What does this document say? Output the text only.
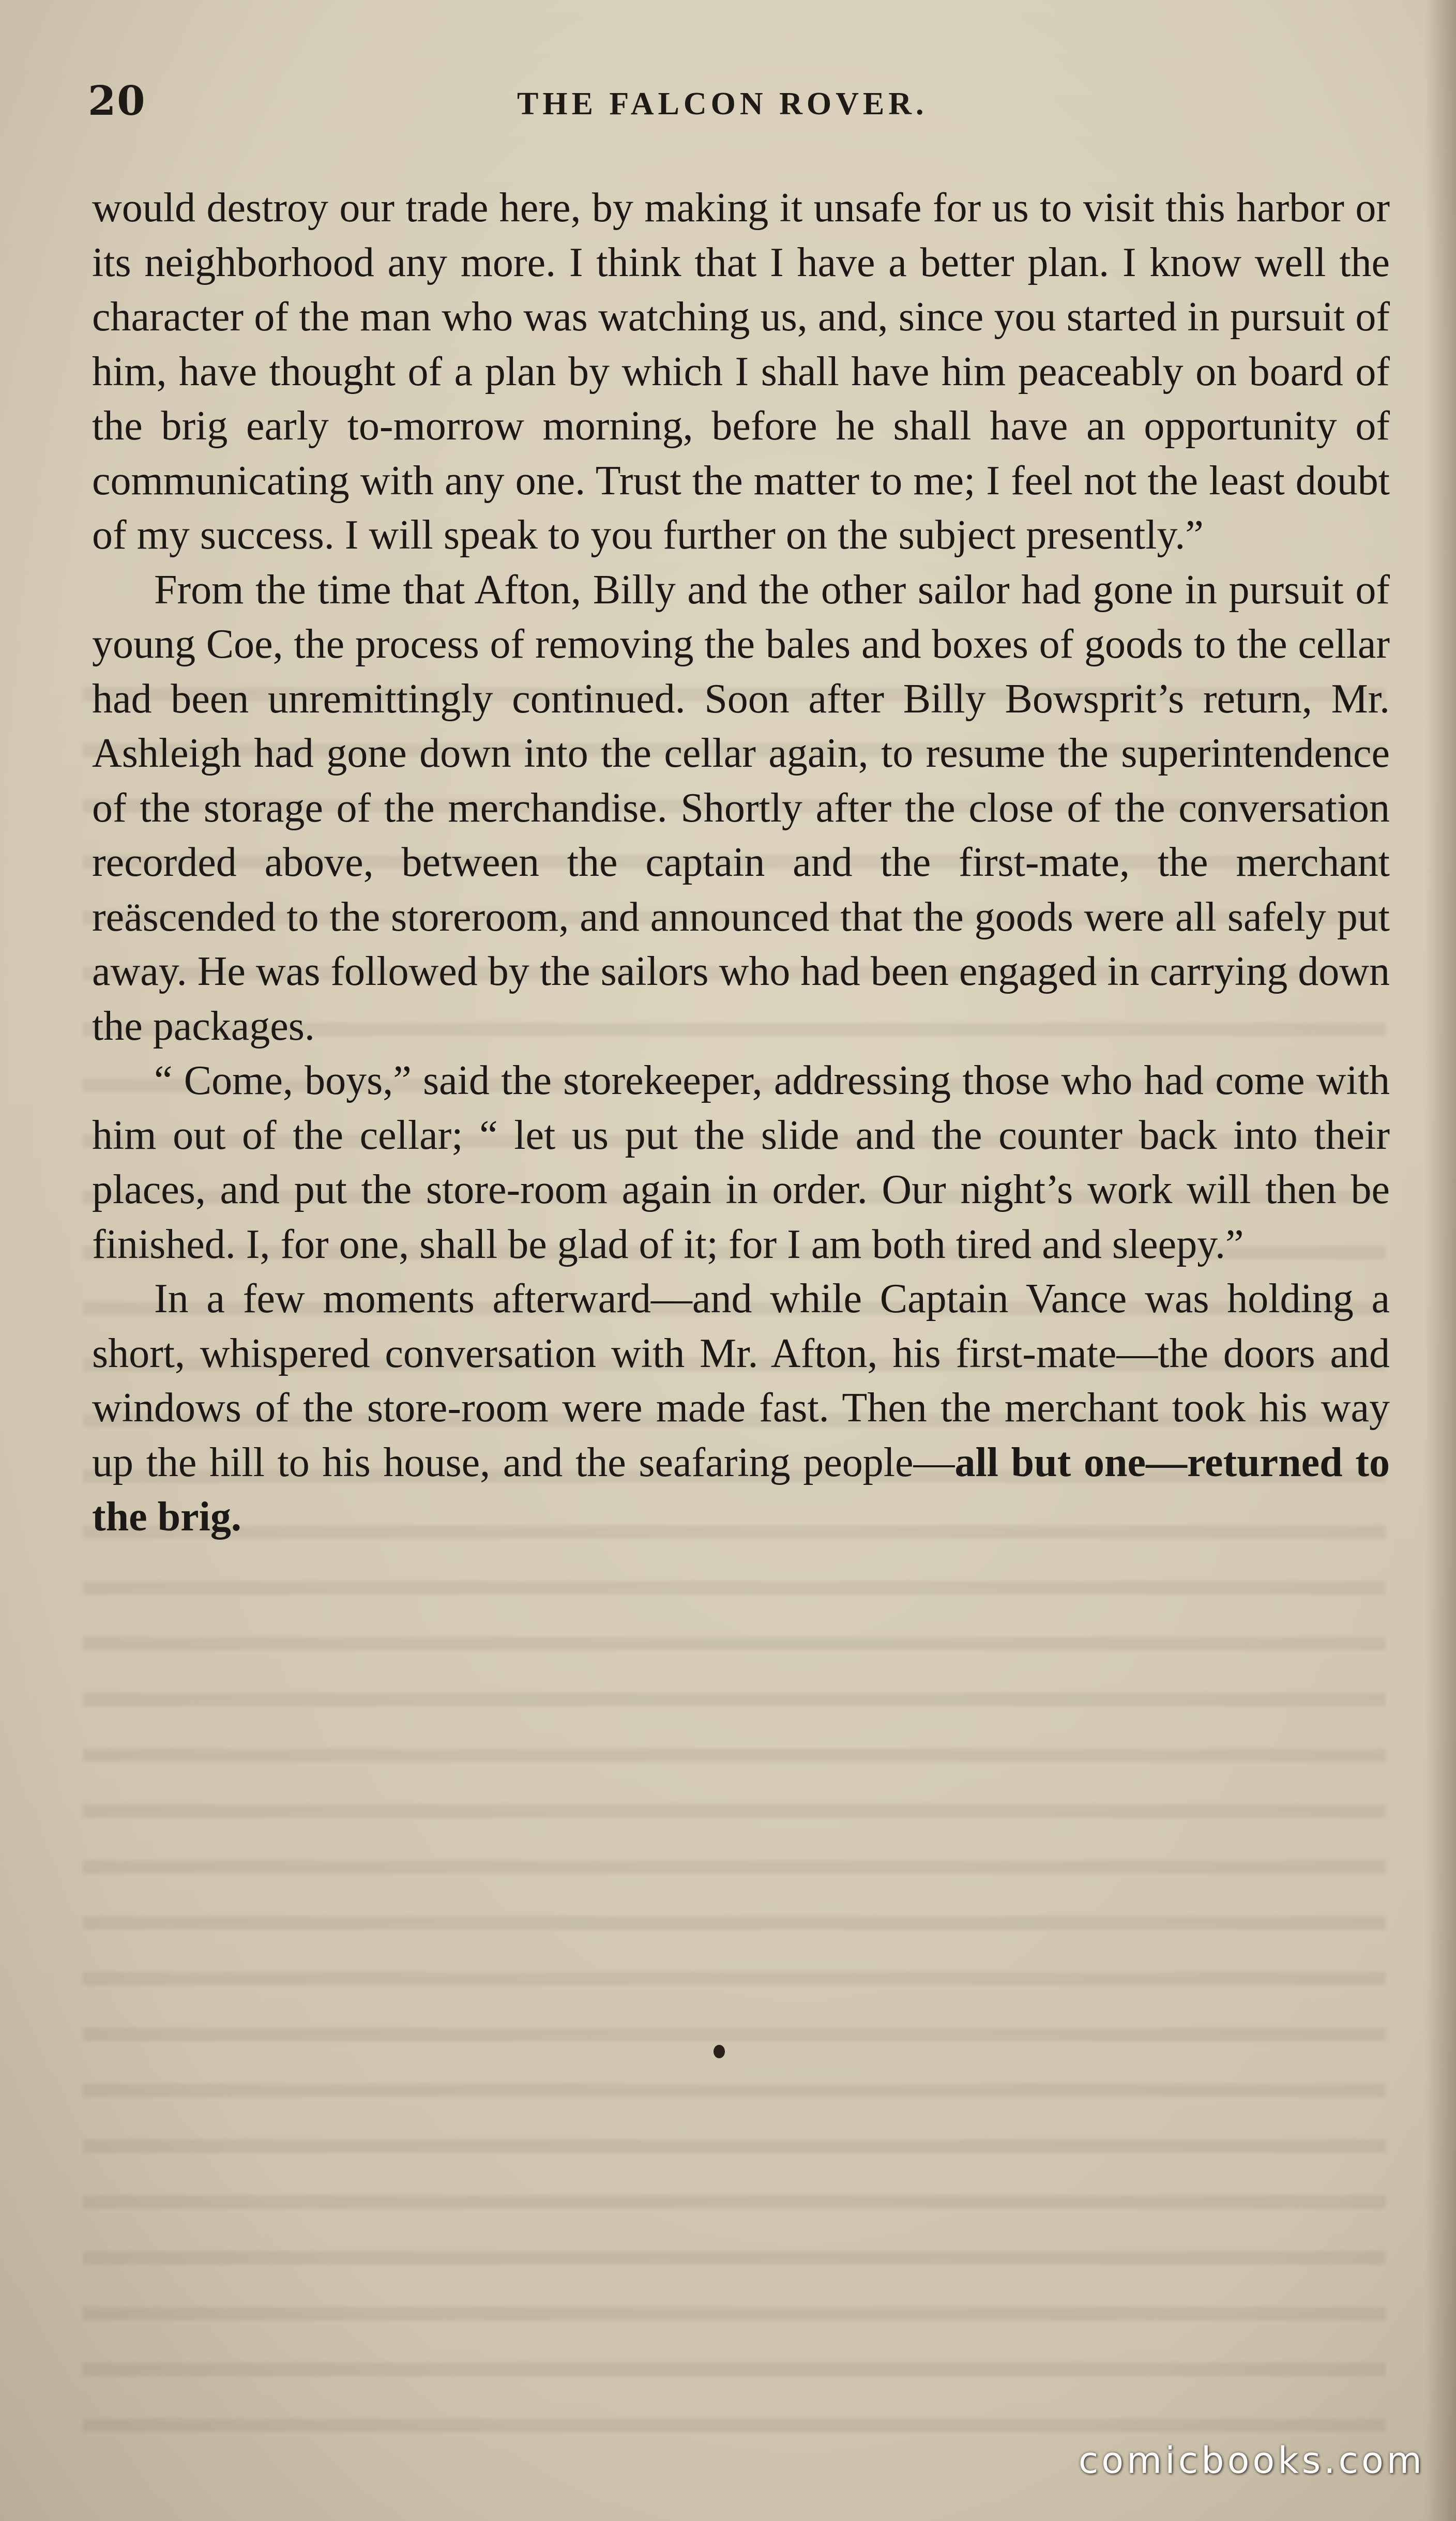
20	THE FALCON ROVER.

would destroy our trade here, by making it unsafe for us to visit this harbor or its neighborhood any more. I think that I have a better plan. I know well the character of the man who was watching us, and, since you started in pursuit of him, have thought of a plan by which I shall have him peaceably on board of the brig early to-morrow morning, before he shall have an opportunity of communicating with any one. Trust the matter to me; I feel not the least doubt of my success. I will speak to you further on the subject presently.”

From the time that Afton, Billy and the other sailor had gone in pursuit of young Coe, the process of removing the bales and boxes of goods to the cellar had been unremittingly continued. Soon after Billy Bowsprit’s return, Mr. Ashleigh had gone down into the cellar again, to resume the superintendence of the storage of the merchandise. Shortly after the close of the conversation recorded above, between the captain and the first-mate, the merchant reäscended to the storeroom, and announced that the goods were all safely put away. He was followed by the sailors who had been engaged in carrying down the packages.

“ Come, boys,” said the storekeeper, addressing those who had come with him out of the cellar; “ let us put the slide and the counter back into their places, and put the store-room again in order. Our night’s work will then be finished. I, for one, shall be glad of it; for I am both tired and sleepy.”

In a few moments afterward—and while Captain Vance was holding a short, whispered conversation with Mr. Afton, his first-mate—the doors and windows of the store-room were made fast. Then the merchant took his way up the hill to his house, and the seafaring people—all but one—returned to the brig.

comicbooks.com
